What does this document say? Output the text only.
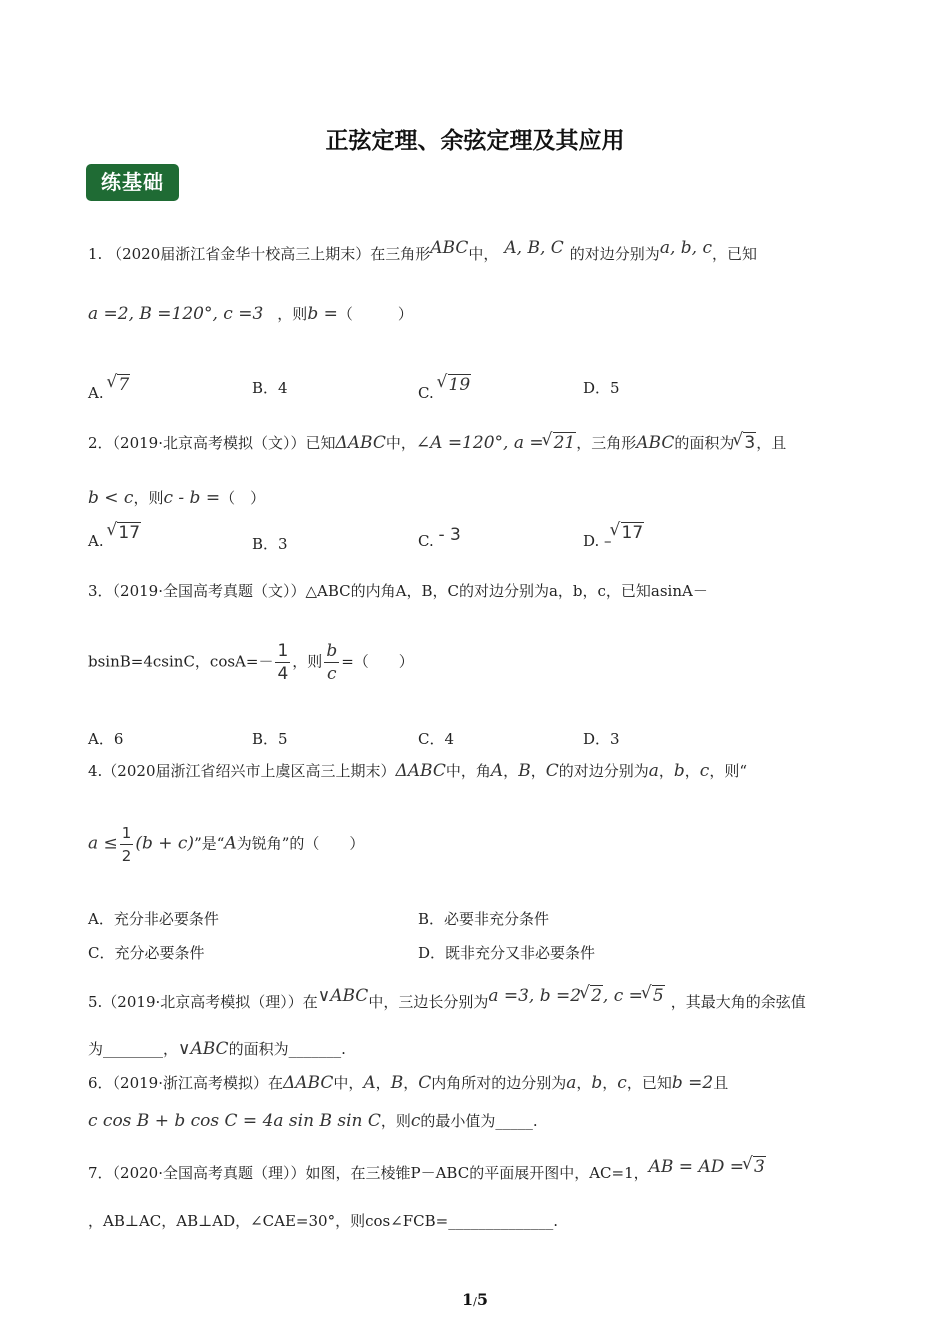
正弦定理、余弦定理及其应用
练基础
1. （2020届浙江省金华十校高三上期末）在三角形$^{ABC}$中， $^{A, B, C}$ 的对边分别为$^{a, b, c}$，已知
a =2, B =120°, c =3 ，则b =（　　　）
A. √ 7	B．4	C. √ 19	D．5
2．（2019·北京高考模拟（文））已知ΔABC中，∠A =120°, a = √ 21，三角形ABC的面积为 √ 3，且
b < c，则c - b =（　）
A. √ 17
B．3	C. - 3	D. – √ 17
3．（2019·全国高考真题（文））△ABC的内角A，B，C的对边分别为a，b，c，已知asinA－
bsinB=4csinC，$\cos A=- \frac{1}{4}$ ，则 $\frac{b}{c}$ =（　　）
A．6	B．5	C．4	D．3
4.（2020届浙江省绍兴市上虞区高三上期末）ΔABC中，角A，B，C的对边分别为a，b，c，则“
$a \le \frac{1}{2} (b + c)$”是“A为锐角”的（　　）
A．充分非必要条件	B．必要非充分条件
C．充分必要条件	D．既非充分又非必要条件
5.（2019·北京高考模拟（理））在$^{\vee ABC}$中，三边长分别为$^{a =3, b =2 √ 2, c = √ 5}$ ，其最大角的余弦值
为________，∨ABC的面积为_______.
6．（2019·浙江高考模拟）在ΔABC中，A，B，C内角所对的边分别为a，b，c，已知b =2且
c cos B + b cos C = 4a sin B sin C，则c的最小值为_____.
7．（2020·全国高考真题（理））如图，在三棱锥P－ABC的平面展开图中，AC=1，$^{AB = AD = √ 3}$
，AB⊥AC，AB⊥AD，∠CAE=30°，则cos∠FCB=______________.
1/5
